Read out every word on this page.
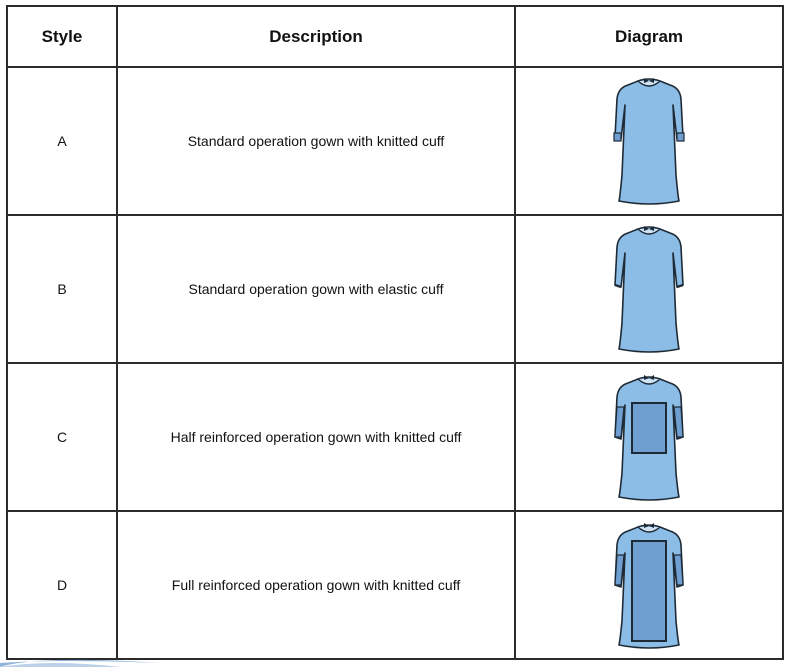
Style	Description	Diagram
A	Standard operation gown with knitted cuff	

B	Standard operation gown with elastic cuff	

C	Half reinforced operation gown with knitted cuff	

D	Full reinforced operation gown with knitted cuff	
